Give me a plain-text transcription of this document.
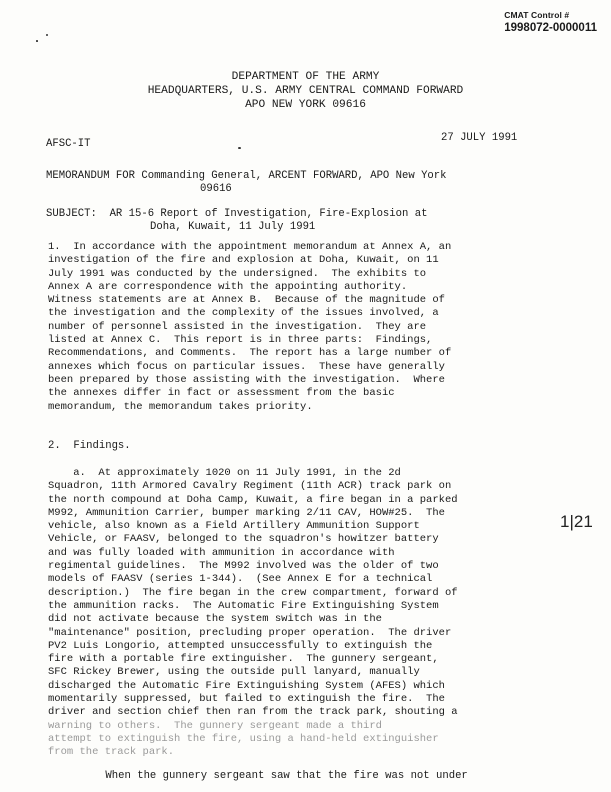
CMAT Control #
1998072-0000011
DEPARTMENT OF THE ARMY
HEADQUARTERS, U.S. ARMY CENTRAL COMMAND FORWARD
APO NEW YORK 09616
AFSC-IT	27 JULY 1991
MEMORANDUM FOR Commanding General, ARCENT FORWARD, APO New York
09616
SUBJECT:  AR 15-6 Report of Investigation, Fire-Explosion at
Doha, Kuwait, 11 July 1991
1.  In accordance with the appointment memorandum at Annex A, an
investigation of the fire and explosion at Doha, Kuwait, on 11
July 1991 was conducted by the undersigned.  The exhibits to
Annex A are correspondence with the appointing authority.
Witness statements are at Annex B.  Because of the magnitude of
the investigation and the complexity of the issues involved, a
number of personnel assisted in the investigation.  They are
listed at Annex C.  This report is in three parts:  Findings,
Recommendations, and Comments.  The report has a large number of
annexes which focus on particular issues.  These have generally
been prepared by those assisting with the investigation.  Where
the annexes differ in fact or assessment from the basic
memorandum, the memorandum takes priority.
2.  Findings.
a.  At approximately 1020 on 11 July 1991, in the 2d
Squadron, 11th Armored Cavalry Regiment (11th ACR) track park on
the north compound at Doha Camp, Kuwait, a fire began in a parked
M992, Ammunition Carrier, bumper marking 2/11 CAV, HOW#25.  The
vehicle, also known as a Field Artillery Ammunition Support
Vehicle, or FAASV, belonged to the squadron's howitzer battery
and was fully loaded with ammunition in accordance with
regimental guidelines.  The M992 involved was the older of two
models of FAASV (series 1-344).  (See Annex E for a technical
description.)  The fire began in the crew compartment, forward of
the ammunition racks.  The Automatic Fire Extinguishing System
did not activate because the system switch was in the
"maintenance" position, precluding proper operation.  The driver
PV2 Luis Longorio, attempted unsuccessfully to extinguish the
fire with a portable fire extinguisher.  The gunnery sergeant,
SFC Rickey Brewer, using the outside pull lanyard, manually
discharged the Automatic Fire Extinguishing System (AFES) which
momentarily suppressed, but failed to extinguish the fire.  The
driver and section chief then ran from the track park, shouting a
warning to others.  The gunnery sergeant made a third
attempt to extinguish the fire, using a hand-held extinguisher
from the track park.
When the gunnery sergeant saw that the fire was not under
1|21
